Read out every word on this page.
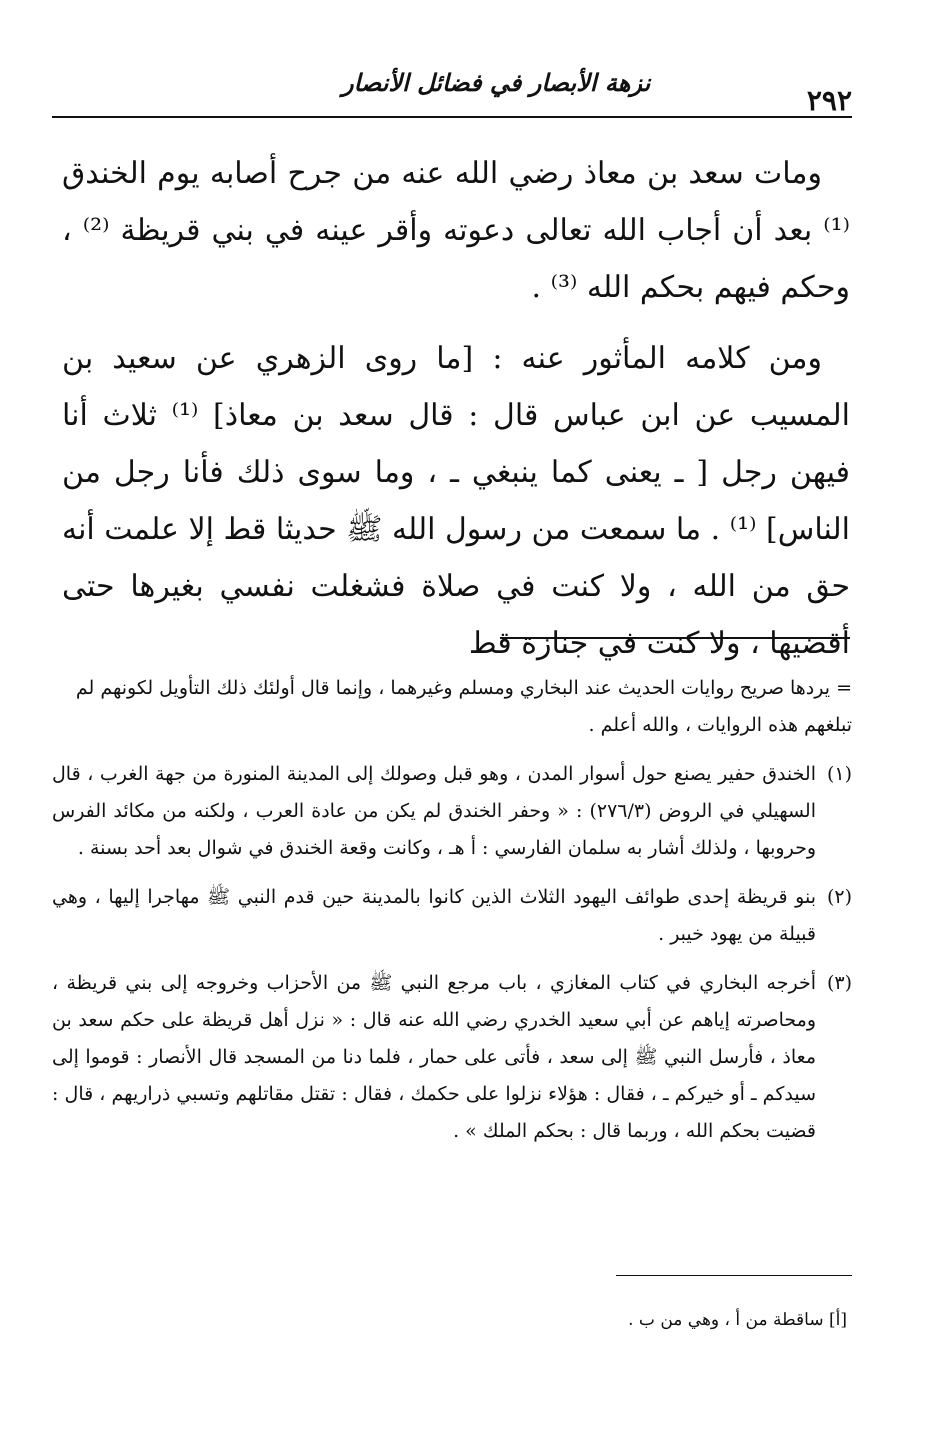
نزهة الأبصار في فضائل الأنصار
٢٩٢

ومات سعد بن معاذ رضي الله عنه من جرح أصابه يوم الخندق ⁽¹⁾ بعد أن أجاب الله تعالى دعوته وأقر عينه في بني قريظة ⁽²⁾ ، وحكم فيهم بحكم الله ⁽³⁾ .

ومن كلامه المأثور عنه : [ما روى الزهري عن سعيد بن المسيب عن ابن عباس قال : قال سعد بن معاذ] ⁽¹⁾ ثلاث أنا فيهن رجل [ ـ يعنى كما ينبغي ـ ، وما سوى ذلك فأنا رجل من الناس] ⁽¹⁾ . ما سمعت من رسول الله ﷺ حديثا قط إلا علمت أنه حق من الله ، ولا كنت في صلاة فشغلت نفسي بغيرها حتى أقضيها ، ولا كنت في جنازة قط

= يردها صريح روايات الحديث عند البخاري ومسلم وغيرهما ، وإنما قال أولئك ذلك التأويل لكونهم لم تبلغهم هذه الروايات ، والله أعلم .

(١)
الخندق حفير يصنع حول أسوار المدن ، وهو قبل وصولك إلى المدينة المنورة من جهة الغرب ، قال السهيلي في الروض (٢٧٦/٣) : « وحفر الخندق لم يكن من عادة العرب ، ولكنه من مكائد الفرس وحروبها ، ولذلك أشار به سلمان الفارسي : أ هـ ، وكانت وقعة الخندق في شوال بعد أحد بسنة .
(٢)
بنو قريظة إحدى طوائف اليهود الثلاث الذين كانوا بالمدينة حين قدم النبي ﷺ مهاجرا إليها ، وهي قبيلة من يهود خيبر .
(٣)
أخرجه البخاري في كتاب المغازي ، باب مرجع النبي ﷺ من الأحزاب وخروجه إلى بني قريظة ، ومحاصرته إياهم عن أبي سعيد الخدري رضي الله عنه قال : « نزل أهل قريظة على حكم سعد بن معاذ ، فأرسل النبي ﷺ إلى سعد ، فأتى على حمار ، فلما دنا من المسجد قال الأنصار : قوموا إلى سيدكم ـ أو خيركم ـ ، فقال : هؤلاء نزلوا على حكمك ، فقال : تقتل مقاتلهم وتسبي ذراريهم ، قال : قضيت بحكم الله ، وربما قال : بحكم الملك » .
[أ] ساقطة من أ ، وهي من ب .
